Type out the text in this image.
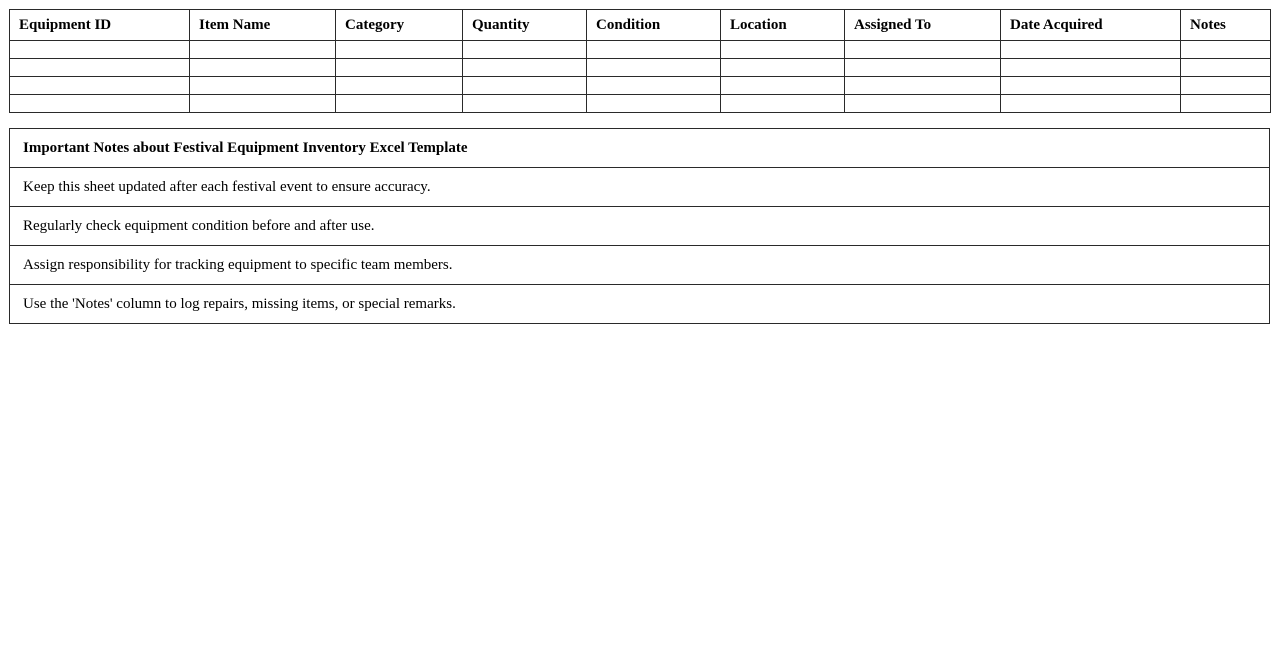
Equipment ID	Item Name	Category	Quantity	Condition	Location	Assigned To	Date Acquired	Notes

Important Notes about Festival Equipment Inventory Excel Template
Keep this sheet updated after each festival event to ensure accuracy.
Regularly check equipment condition before and after use.
Assign responsibility for tracking equipment to specific team members.
Use the 'Notes' column to log repairs, missing items, or special remarks.
